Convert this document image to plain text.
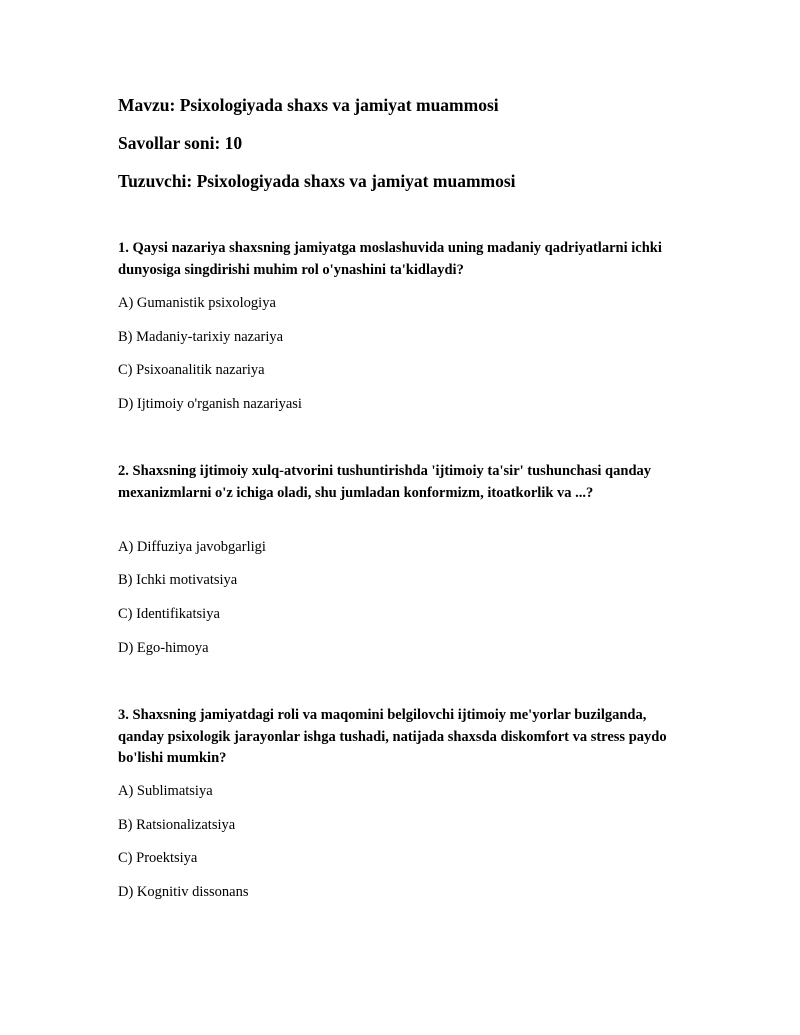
Mavzu: Psixologiyada shaxs va jamiyat muammosi
Savollar soni: 10
Tuzuvchi: Psixologiyada shaxs va jamiyat muammosi
1. Qaysi nazariya shaxsning jamiyatga moslashuvida uning madaniy qadriyatlarni ichki dunyosiga singdirishi muhim rol o'ynashini ta'kidlaydi?
A) Gumanistik psixologiya
B) Madaniy-tarixiy nazariya
C) Psixoanalitik nazariya
D) Ijtimoiy o'rganish nazariyasi
2. Shaxsning ijtimoiy xulq-atvorini tushuntirishda 'ijtimoiy ta'sir' tushunchasi qanday mexanizmlarni o'z ichiga oladi, shu jumladan konformizm, itoatkorlik va ...?
A) Diffuziya javobgarligi
B) Ichki motivatsiya
C) Identifikatsiya
D) Ego-himoya
3. Shaxsning jamiyatdagi roli va maqomini belgilovchi ijtimoiy me'yorlar buzilganda, qanday psixologik jarayonlar ishga tushadi, natijada shaxsda diskomfort va stress paydo bo'lishi mumkin?
A) Sublimatsiya
B) Ratsionalizatsiya
C) Proektsiya
D) Kognitiv dissonans
